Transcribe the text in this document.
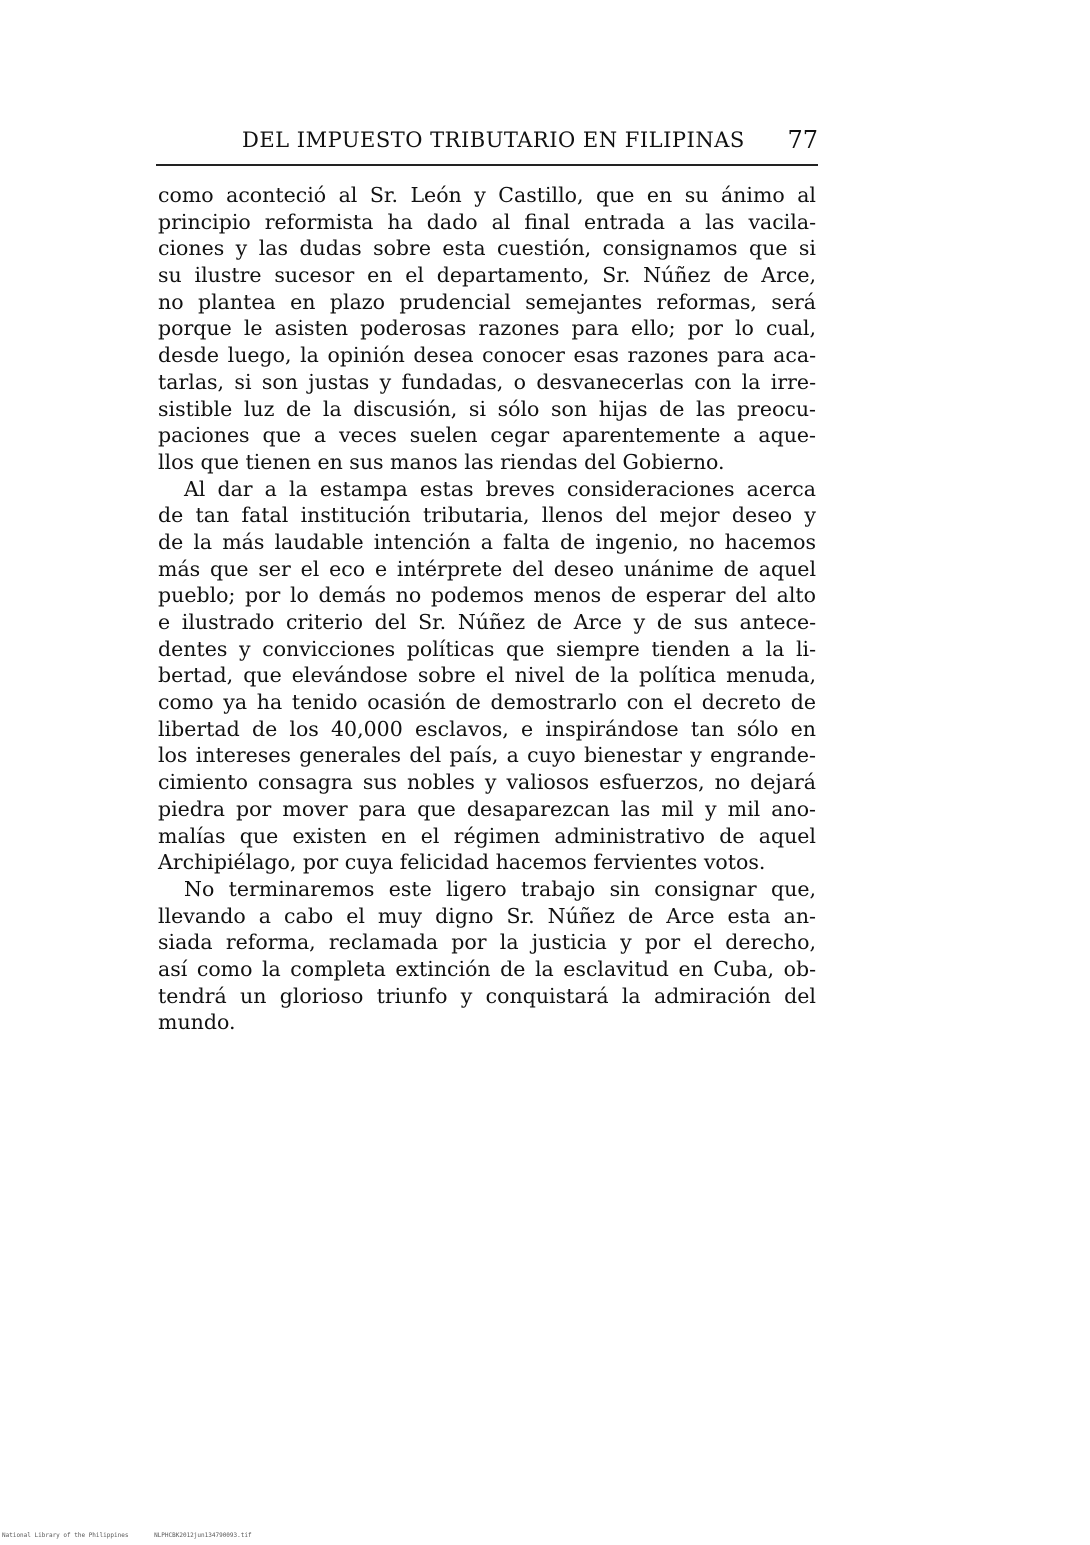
DEL IMPUESTO TRIBUTARIO EN FILIPINAS 77
como aconteció al Sr. León y Castillo, que en su ánimo al
principio reformista ha dado al final entrada a las vacila-
ciones y las dudas sobre esta cuestión, consignamos que si
su ilustre sucesor en el departamento, Sr. Núñez de Arce,
no plantea en plazo prudencial semejantes reformas, será
porque le asisten poderosas razones para ello; por lo cual,
desde luego, la opinión desea conocer esas razones para aca-
tarlas, si son justas y fundadas, o desvanecerlas con la irre-
sistible luz de la discusión, si sólo son hijas de las preocu-
paciones que a veces suelen cegar aparentemente a aque-
llos que tienen en sus manos las riendas del Gobierno.
Al dar a la estampa estas breves consideraciones acerca
de tan fatal institución tributaria, llenos del mejor deseo y
de la más laudable intención a falta de ingenio, no hacemos
más que ser el eco e intérprete del deseo unánime de aquel
pueblo; por lo demás no podemos menos de esperar del alto
e ilustrado criterio del Sr. Núñez de Arce y de sus antece-
dentes y convicciones políticas que siempre tienden a la li-
bertad, que elevándose sobre el nivel de la política menuda,
como ya ha tenido ocasión de demostrarlo con el decreto de
libertad de los 40,000 esclavos, e inspirándose tan sólo en
los intereses generales del país, a cuyo bienestar y engrande-
cimiento consagra sus nobles y valiosos esfuerzos, no dejará
piedra por mover para que desaparezcan las mil y mil ano-
malías que existen en el régimen administrativo de aquel
Archipiélago, por cuya felicidad hacemos fervientes votos.
No terminaremos este ligero trabajo sin consignar que,
llevando a cabo el muy digno Sr. Núñez de Arce esta an-
siada reforma, reclamada por la justicia y por el derecho,
así como la completa extinción de la esclavitud en Cuba, ob-
tendrá un glorioso triunfo y conquistará la admiración del
mundo.
National Library of the Philippines	NLPHCBK2012jun134790093.tif
